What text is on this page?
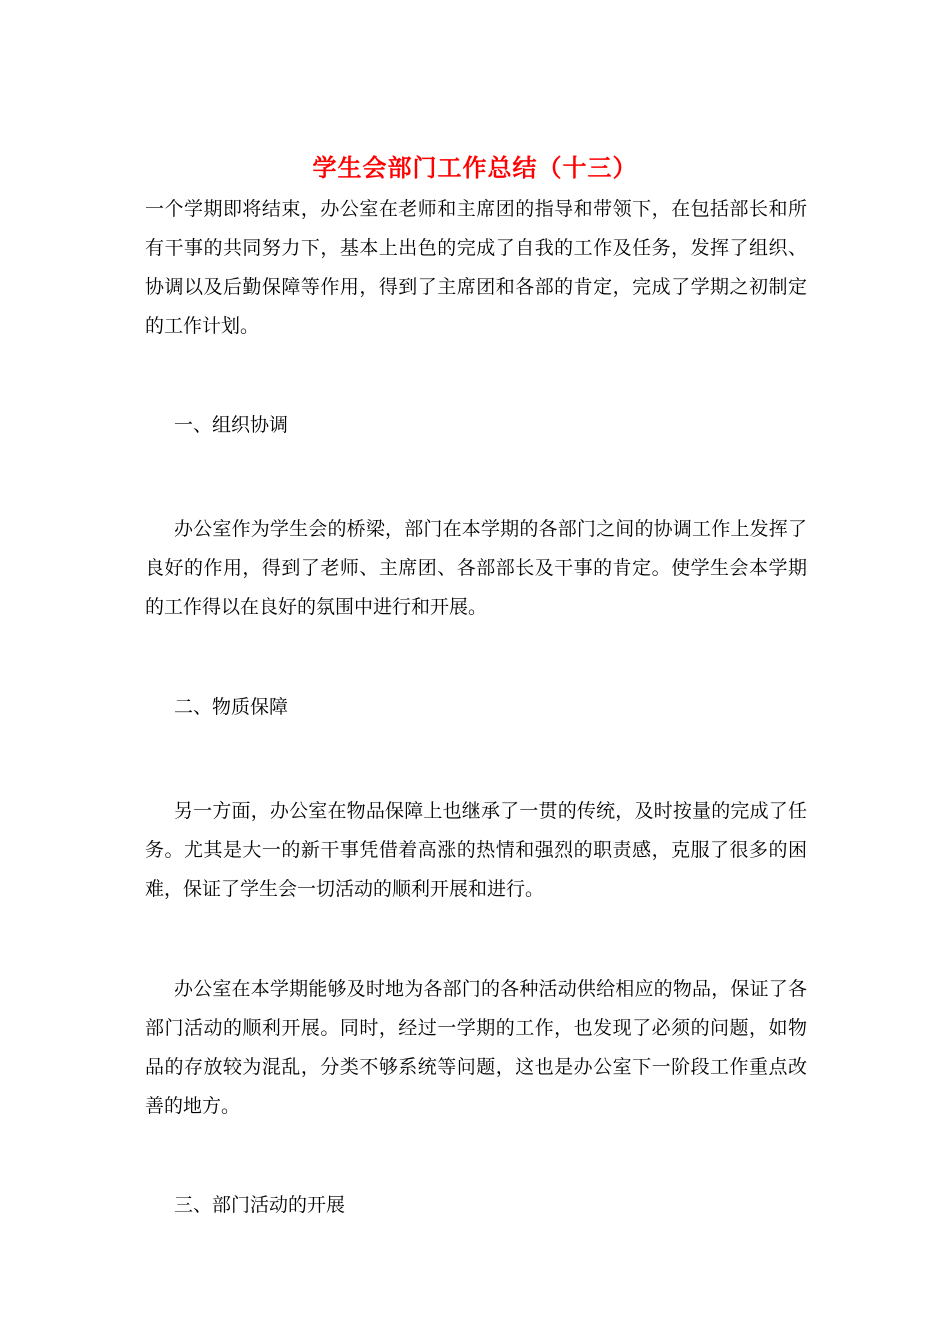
学生会部门工作总结（十三）

一个学期即将结束，办公室在老师和主席团的指导和带领下，在包括部长和所有干事的共同努力下，基本上出色的完成了自我的工作及任务，发挥了组织、协调以及后勤保障等作用，得到了主席团和各部的肯定，完成了学期之初制定的工作计划。

一、组织协调

办公室作为学生会的桥梁，部门在本学期的各部门之间的协调工作上发挥了良好的作用，得到了老师、主席团、各部部长及干事的肯定。使学生会本学期的工作得以在良好的氛围中进行和开展。

二、物质保障

另一方面，办公室在物品保障上也继承了一贯的传统，及时按量的完成了任务。尤其是大一的新干事凭借着高涨的热情和强烈的职责感，克服了很多的困难，保证了学生会一切活动的顺利开展和进行。

办公室在本学期能够及时地为各部门的各种活动供给相应的物品，保证了各部门活动的顺利开展。同时，经过一学期的工作，也发现了必须的问题，如物品的存放较为混乱，分类不够系统等问题，这也是办公室下一阶段工作重点改善的地方。

三、部门活动的开展
